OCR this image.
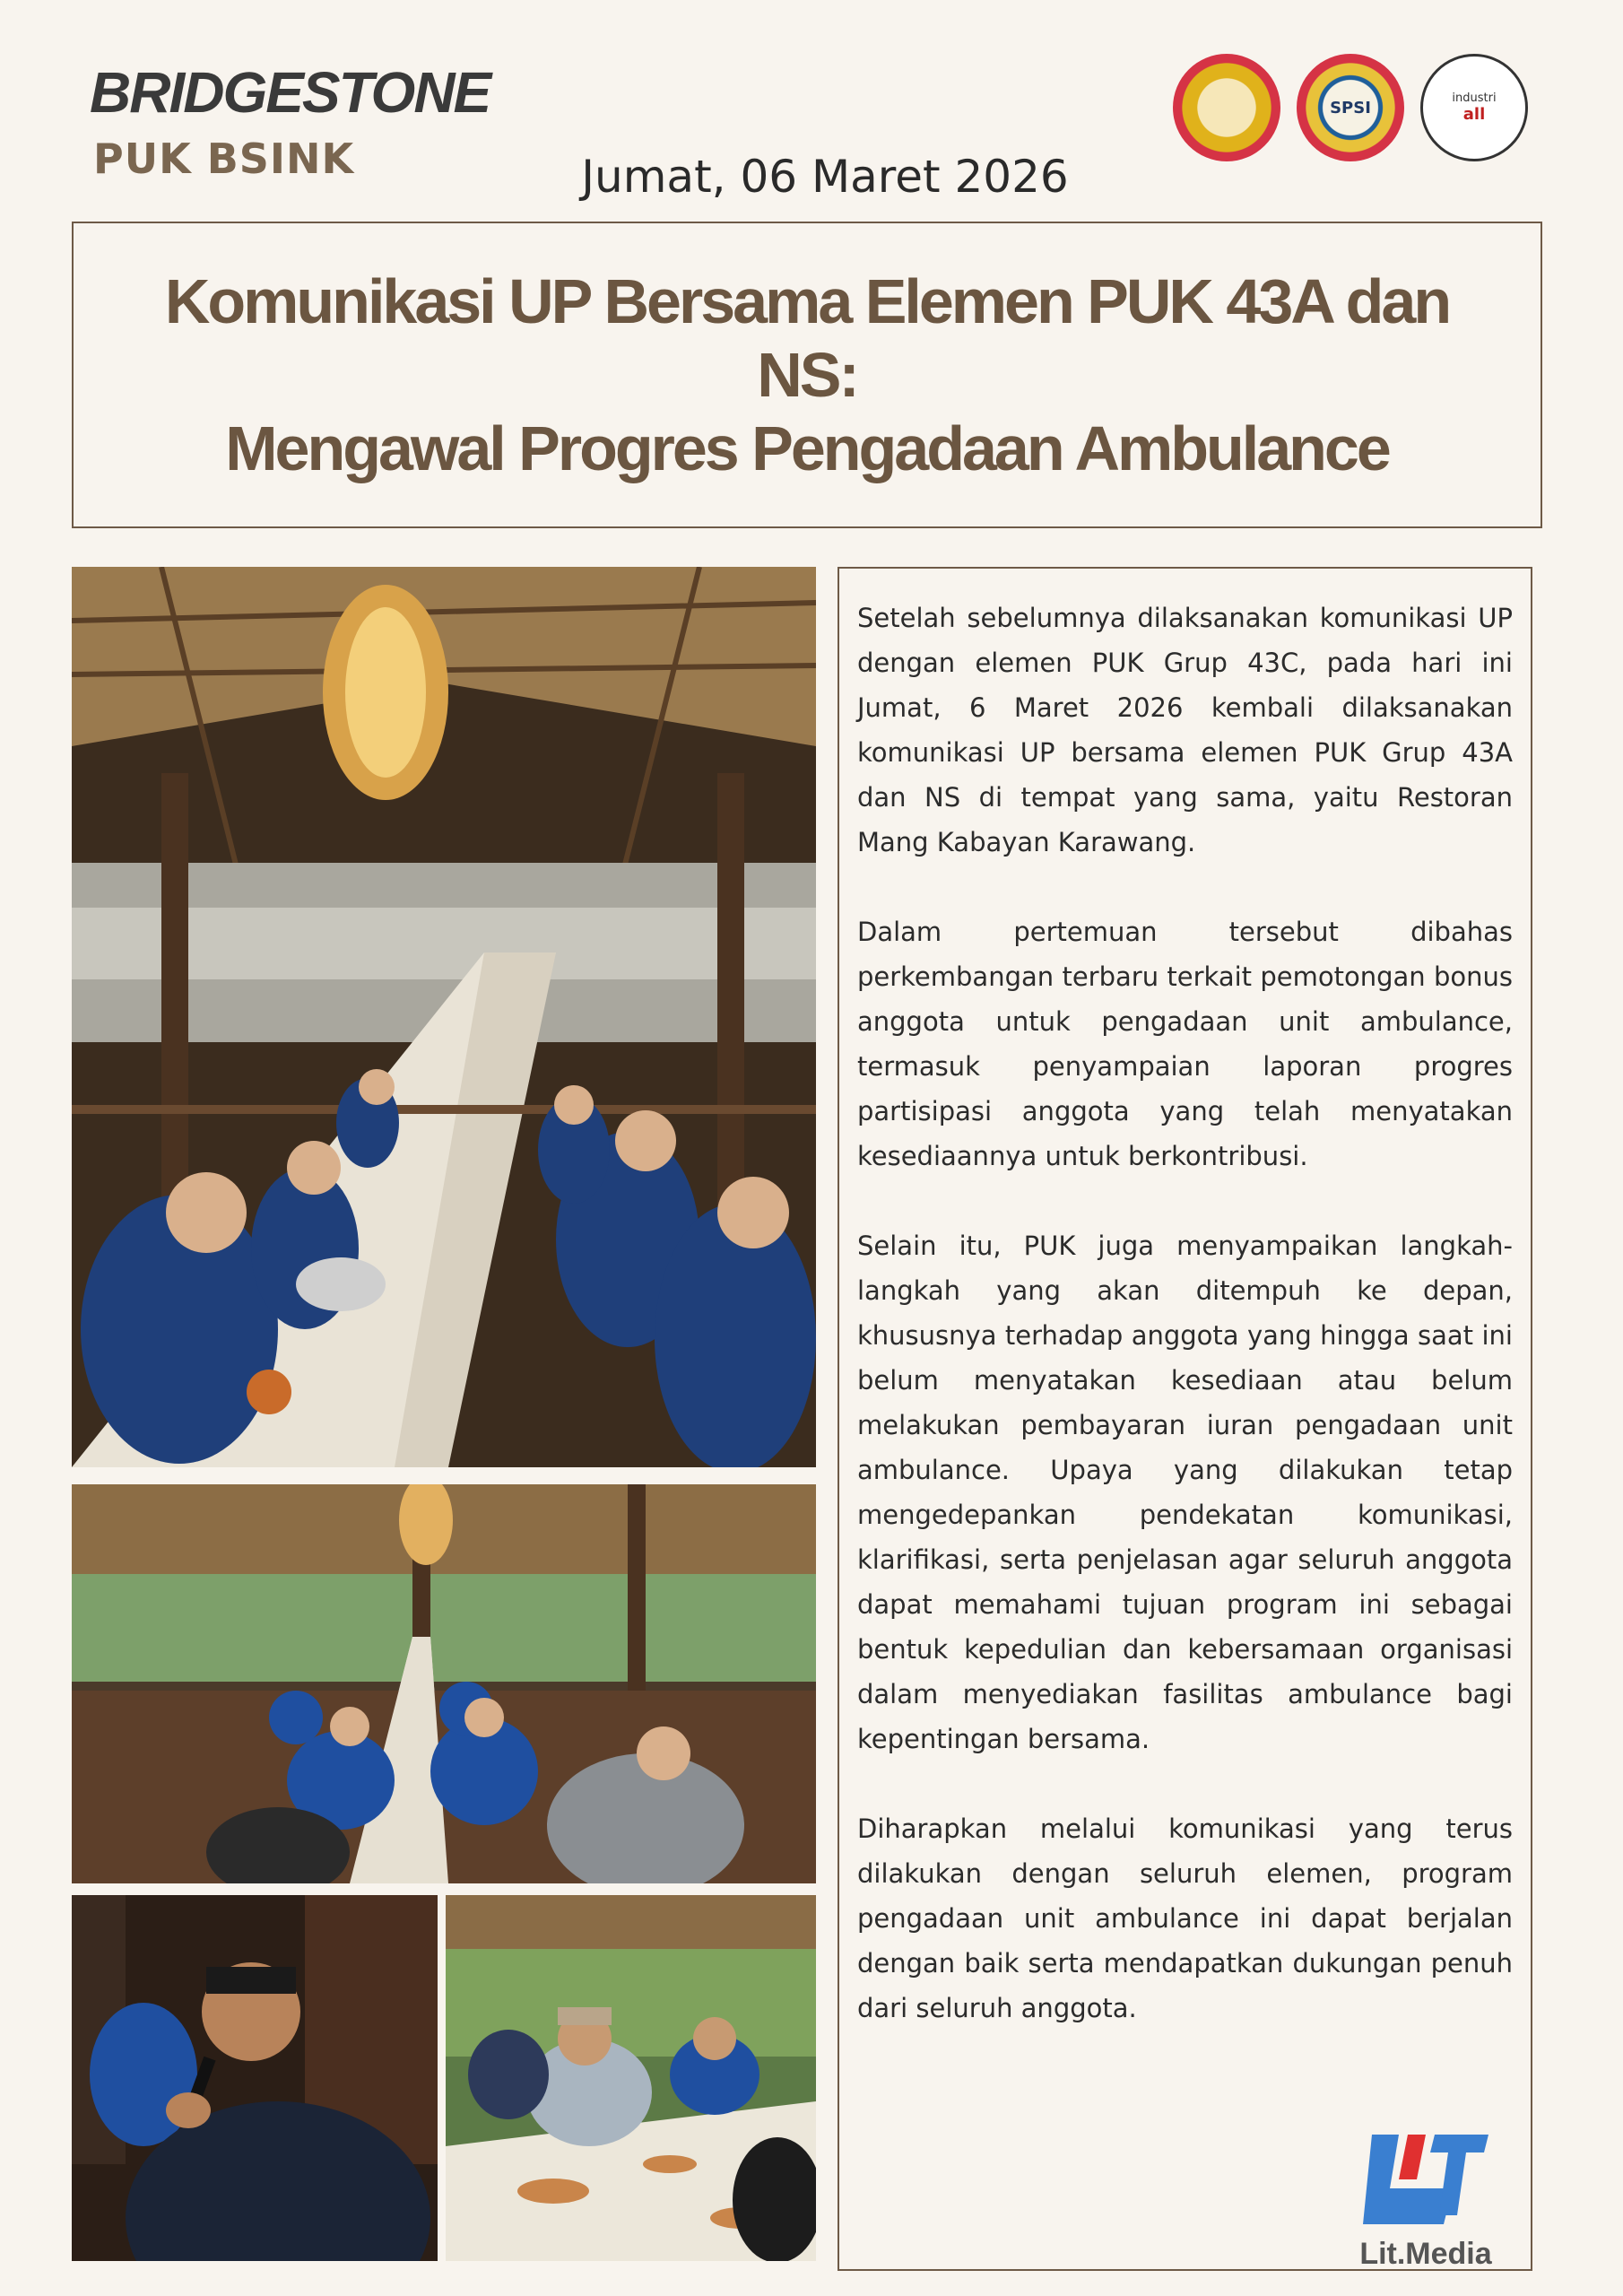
BRIDGESTONE
PUK BSINK	Jumat, 06 Maret 2026
SPSI	industri
all
Komunikasi UP Bersama Elemen PUK 43A dan NS:
Mengawal Progres Pengadaan Ambulance

Setelah sebelumnya dilaksanakan komunikasi UP dengan elemen PUK Grup 43C, pada hari ini Jumat, 6 Maret 2026 kembali dilaksanakan komunikasi UP bersama elemen PUK Grup 43A dan NS di tempat yang sama, yaitu Restoran Mang Kabayan Karawang.

Dalam pertemuan tersebut dibahas perkembangan terbaru terkait pemotongan bonus anggota untuk pengadaan unit ambulance, termasuk penyampaian laporan progres partisipasi anggota yang telah menyatakan kesediaannya untuk berkontribusi.

Selain itu, PUK juga menyampaikan langkah-langkah yang akan ditempuh ke depan, khususnya terhadap anggota yang hingga saat ini belum menyatakan kesediaan atau belum melakukan pembayaran iuran pengadaan unit ambulance. Upaya yang dilakukan tetap mengedepankan pendekatan komunikasi, klarifikasi, serta penjelasan agar seluruh anggota dapat memahami tujuan program ini sebagai bentuk kepedulian dan kebersamaan organisasi dalam menyediakan fasilitas ambulance bagi kepentingan bersama.

Diharapkan melalui komunikasi yang terus dilakukan dengan seluruh elemen, program pengadaan unit ambulance ini dapat berjalan dengan baik serta mendapatkan dukungan penuh dari seluruh anggota.

Lit.Media
